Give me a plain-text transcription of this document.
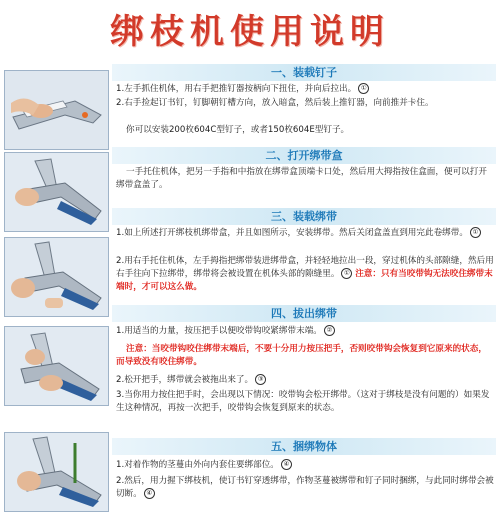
绑枝机使用说明
一、装载钉子

1.左手抓住机体，用右手把推钉器按柄向下扭住，并向后拉出。 ①

2.右手捡起订书钉，钉脚朝钉槽方向，放入暗盒，然后装上推钉器，向前推并卡住。

你可以安装200枚604C型钉子，或者150枚604E型钉子。

二、打开绑带盒

一手托住机体，把另一手指和中指放在绑带盒顶端卡口处，然后用大拇指按住盒面，便可以打开绑带盒盖了。

三、装载绑带

1.如上所述打开绑枝机绑带盒，并且如图所示，安装绑带。然后关闭盒盖直到用完此卷绑带。 ①

2.用右手托住机体，左手拇指把绑带装进绑带盒，并轻轻地拉出一段，穿过机体的头部隙缝，然后用右手往向下拉绑带，绑带将会被设置在机体头部的隙缝里。 ① 注意：只有当咬带钩无法咬住绑带末端时，才可以这么做。

四、拔出绑带

1.用适当的力量，按压把手以便咬带钩咬紧绑带末端。 ②

注意：当咬带钩咬住绑带末端后，不要十分用力按压把手，否则咬带钩会恢复到它原来的状态，而导致没有咬住绑带。

2.松开把手，绑带就会被拖出来了。 ③

3.当你用力按住把手时，会出现以下情况：咬带钩会松开绑带。（这对于绑枝是没有问题的）如果发生这种情况，再按一次把手，咬带钩会恢复到原来的状态。

五、捆绑物体

1.对着作物的茎蔓由外向内套住要绑部位。 ④

2.然后，用力握下绑枝机，使订书钉穿透绑带，作物茎蔓被绑带和钉子同时捆绑，与此同时绑带会被切断。 ④
